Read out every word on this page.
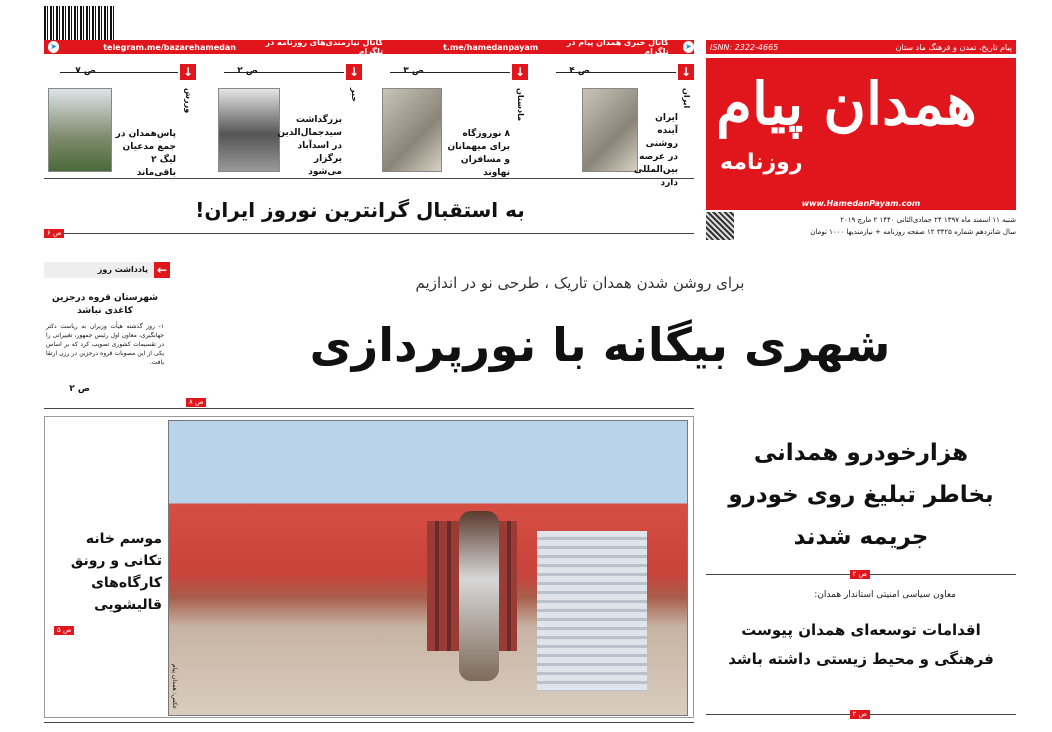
➤	telegram.me/bazarehamedan	کانال نیازمندی‌های روزنامه در تلگرام	t.me/hamedanpayam	کانال خبری همدان پیام در تلگرام
➤	پیام تاریخ، تمدن و فرهنگ ماد ستان
ISNN: 2322-4665
همدان پیام
روزنامه
www.HamedanPayam.com
شنبه ۱۱ اسفند ماه ۱۳۹۷ ۲۴ جمادی‌الثانی ۱۴۴۰ ۲ مارچ ۲۰۱۹
سال شانزدهم شماره ۳۴۲۵ ۱۲ صفحه روزنامه + نیازمندیها ۱۰۰۰ تومان
↓
ص ۴
ایران
ایران آینده روشنی در عرصه بین‌المللی دارد
↓
ص ۳
مادستان
۸ نوروزگاه برای میهمانان و مسافران نهاوند
↓
ص ۲
خبر
بزرگداشت سیدجمال‌الدین در اسدآباد برگزار می‌شود
↓
ص ۷
ورزش
پاس‌همدان در جمع مدعیان لیگ ۲ باقی‌ماند
به استقبال گرانترین نوروز ایران!
ص ۶
←
یادداشت روز
شهرستان قروه درجزین کاغذی نباشد
۱- روز گذشته هیأت وزیران به ریاست دکتر جهانگیری، معاون اول رئیس جمهور، تغییراتی را در تقسیمات کشوری تصویب کرد که بر اساس یکی از این مصوبات قروه درجزین در رزن ارتقا یافت.
ص ۲
برای روشن شدن همدان تاریک ، طرحی نو در اندازیم
شهری بیگانه با نورپردازی
ص ۸
عکس: همدان پیام
موسم خانه تکانی و رونق کارگاه‌های قالیشویی
ص ۵
هزارخودرو همدانی بخاطر تبلیغ روی خودرو جریمه شدند
ص ۲
معاون سیاسی امنیتی استاندار همدان:
اقدامات توسعه‌ای همدان پیوست فرهنگی و محیط زیستی داشته باشد
ص ۲
